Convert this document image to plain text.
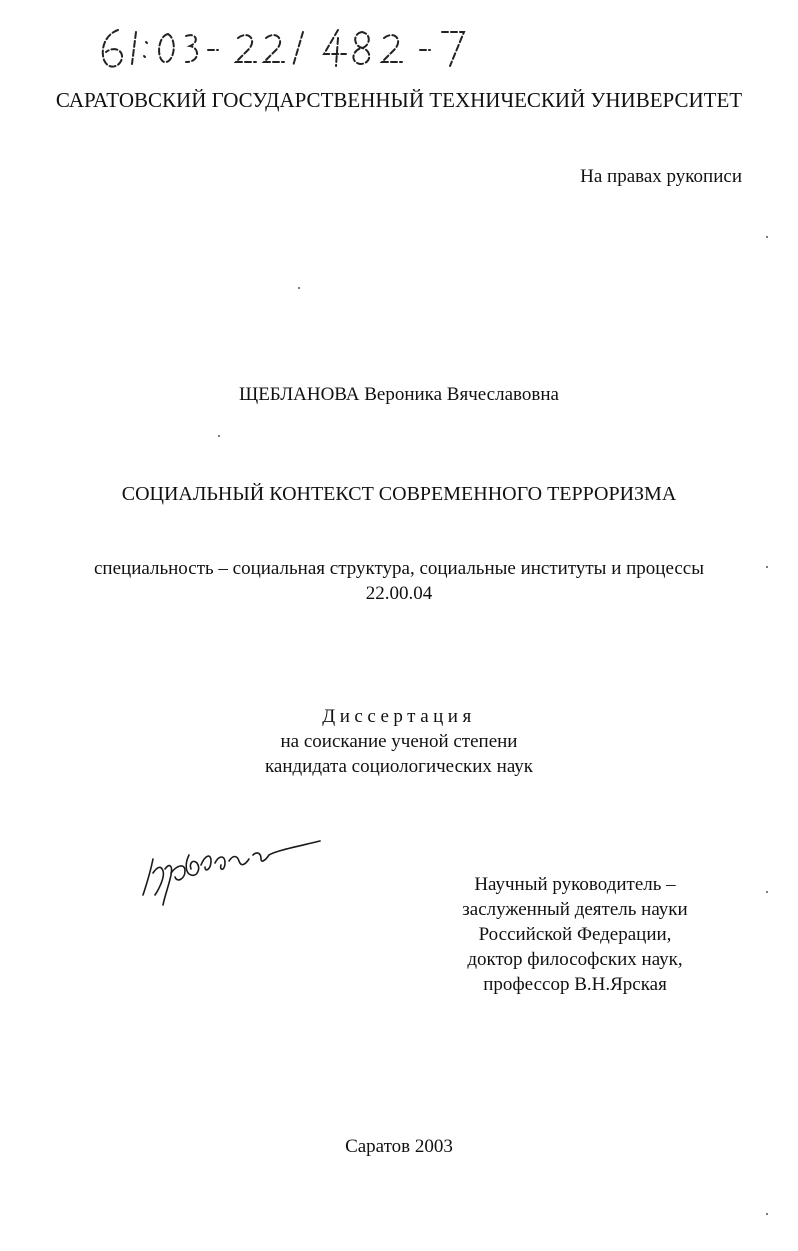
САРАТОВСКИЙ ГОСУДАРСТВЕННЫЙ ТЕХНИЧЕСКИЙ УНИВЕРСИТЕТ
На правах рукописи
ЩЕБЛАНОВА Вероника Вячеславовна
СОЦИАЛЬНЫЙ КОНТЕКСТ СОВРЕМЕННОГО ТЕРРОРИЗМА
специальность – социальная структура, социальные институты и процессы
22.00.04
Диссертация
на соискание ученой степени
кандидата социологических наук
Научный руководитель –
заслуженный деятель науки
Российской Федерации,
доктор философских наук,
профессор В.Н.Ярская
Саратов 2003
